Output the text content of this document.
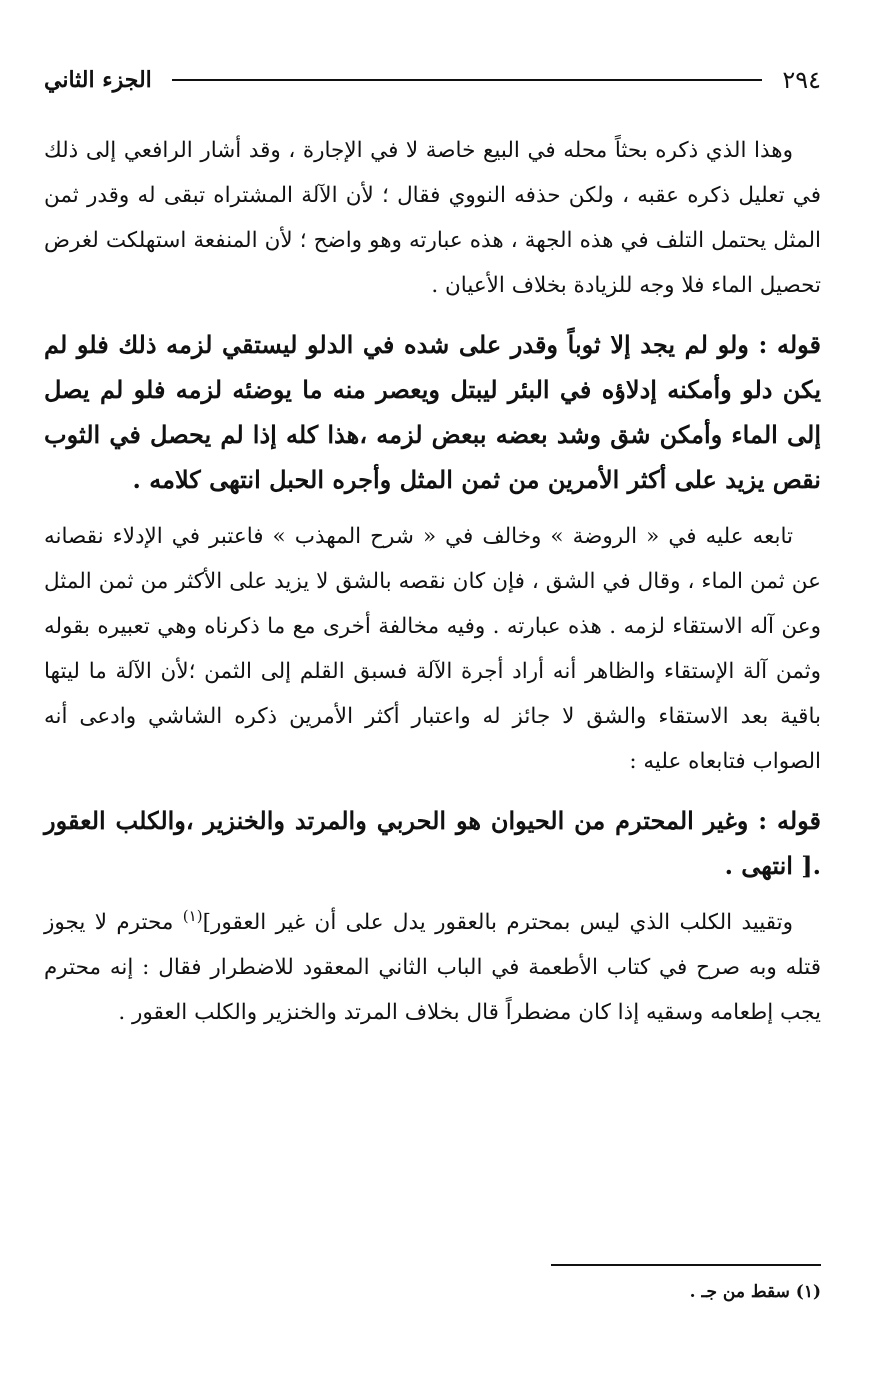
٢٩٤
الجزء الثاني

وهذا الذي ذكره بحثاً محله في البيع خاصة لا في الإجارة ، وقد أشار الرافعي إلى ذلك في تعليل ذكره عقبه ، ولكن حذفه النووي فقال ؛ لأن الآلة المشتراه تبقى له وقدر ثمن المثل يحتمل التلف في هذه الجهة ، هذه عبارته وهو واضح ؛ لأن المنفعة استهلكت لغرض تحصيل الماء فلا وجه للزيادة بخلاف الأعيان .

قوله : ولو لم يجد إلا ثوباً وقدر على شده في الدلو ليستقي لزمه ذلك فلو لم يكن دلو وأمكنه إدلاؤه في البئر ليبتل ويعصر منه ما يوضئه لزمه فلو لم يصل إلى الماء وأمكن شق وشد بعضه ببعض لزمه ،هذا كله إذا لم يحصل في الثوب نقص يزيد على أكثر الأمرين من ثمن المثل وأجره الحبل انتهى كلامه .

تابعه عليه في « الروضة » وخالف في « شرح المهذب » فاعتبر في الإدلاء نقصانه عن ثمن الماء ، وقال في الشق ، فإن كان نقصه بالشق لا يزيد على الأكثر من ثمن المثل وعن آله الاستقاء لزمه . هذه عبارته . وفيه مخالفة أخرى مع ما ذكرناه وهي تعبيره بقوله وثمن آلة الإستقاء والظاهر أنه أراد أجرة الآلة فسبق القلم إلى الثمن ؛لأن الآلة ما ليتها باقية بعد الاستقاء والشق لا جائز له واعتبار أكثر الأمرين ذكره الشاشي وادعى أنه الصواب فتابعاه عليه :

قوله : وغير المحترم من الحيوان هو الحربي والمرتد والخنزير ،والكلب العقور .[ انتهى .

وتقييد الكلب الذي ليس بمحترم بالعقور يدل على أن غير العقور]$^{(١)}$ محترم لا يجوز قتله وبه صرح في كتاب الأطعمة في الباب الثاني المعقود للاضطرار فقال : إنه محترم يجب إطعامه وسقيه إذا كان مضطراً قال بخلاف المرتد والخنزير والكلب العقور .

(١) سقط من جـ .
